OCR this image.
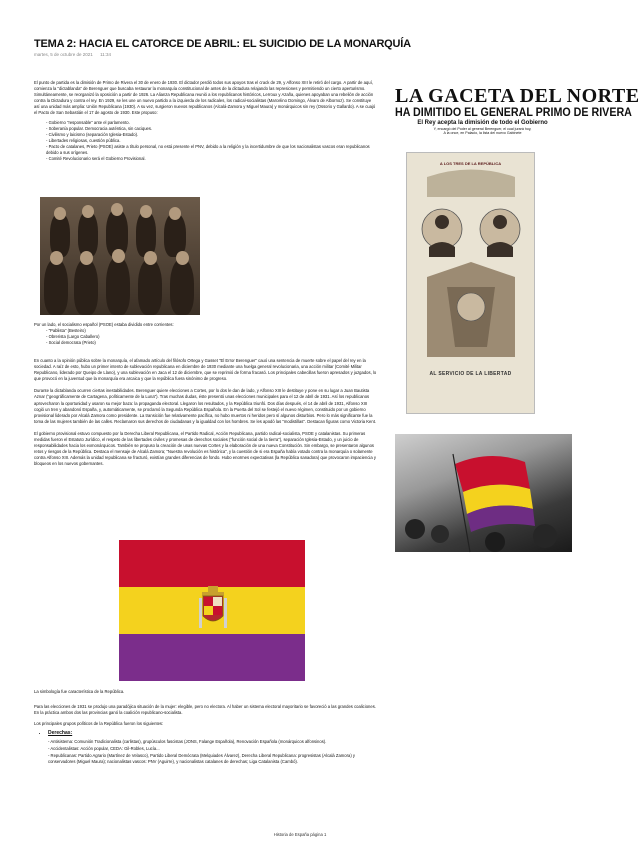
TEMA 2: HACIA EL CATORCE DE ABRIL: EL SUICIDIO DE LA MONARQUÍA
martes, 5 de octubre de 2021 11:34

El punto de partida es la dimisión de Primo de Rivera el 30 de enero de 1930. El dictador perdió todos sus apoyos tras el crack de 29, y Alfonso XIII le retiró del cargo. A partir de aquí, comienza la "dictablanda" de Berenguer que buscaba restaurar la monarquía constitucional de antes de la dictadura relajando las represiones y permitiendo un cierto aperturismo. Simultáneamente, se reorganizó la oposición a partir de 1926. La Alianza Republicana reunió a los republicanos históricos, Lerroux y Azaña, quienes apoyaban una rebelión de acción contra la Dictadura y contra el rey. En 1929, se les une un nuevo partido a la izquierda de los radicales, los radical-socialistas (Marcelino Domingo, Álvaro de Albornoz). Se constituye así una unidad más amplia: Unión Republicana (1930). A su vez, surgieron nuevos republicanos (Alcalá-Zamora y Miguel Maura) y monárquicos sin rey (Ossorio y Gallardo). A se cuajó el Pacto de San Sebastián el 17 de agosto de 1930. Este propuso:

- Gobierno "responsable" ante el parlamento.
- Soberanía popular. Democracia auténtica, sin caciques.
- Civilismo y laicismo (separación Iglesia-Estado).
- Libertades religiosas, cuestión pública.
- Pacto de catalanes, Prieto (PSOE) asiste a título personal, no está presente el PNV, debido a la religión y la incertidumbre de que los nacionalistas vascos eran republicanos debido a sus orígenes.
- Comité Revolucionario será el Gobierno Provisional.

Por un lado, el socialismo español (PSOE) estaba dividido entre corrientes:

- "Pablista" (Besteiro)
- Obrerista (Largo Caballero)
- Social democrata (Prieto)

En cuanto a la opinión pública sobre la monarquía, el afamado artículo del filósofo Ortega y Gasset "El Error Berenguer" cauó una sentencia de muerte sobre el papel del rey en la sociedad. A raíz de esto, hubo un primer intento de sublevación republicana en diciembre de 1930 mediante una huelga general revolucionaria, una acción militar (Comité Militar Republicano, liderado por Queipo de Llano), y una sublevación en Jaca el 12 de diciembre, que se reprimió de forma fracasó. Los principales cabecillas fueron apresados y juzgados, lo que provocó en la juventud que la monarquía era arcaica y que la república fuera sinónimo de progreso.

Durante la dictablanda ocurren ciertas inestabilidades. Berenguer quiere elecciones a Cortes, por lo dos le dan de lado, y Alfonso XIII le destituye y pone en su lugar a Juan Bautista Aznar ("geográficamente de Cartagena, políticamente de la Luna"). Tras muchas dudas, éste presentó unas elecciones municipales para el 12 de abril de 1931. Así los republicanos aprovecharon la oportunidad y usaron su mejor baza: la propaganda electoral. Llegaron los resultados, y la República triunfó. Dos días después, el 14 de abril de 1931, Alfonso XIII cogió un tren y abandonó España, y, automáticamente, se proclamó la Segunda República Española. En la Puerta del Sol se festejó el nuevo régimen, constituido por un gobierno provisional liderado por Alcalá Zamora como presidente. La transición fue relativamente pacífica, no hubo muertos ni heridos pero sí algunos disturbios. Pero lo más significante fue la toma de las mujeres también de las calles. Reclamaron sus derechos de ciudadanas y la igualdad con los hombres. Se les apodó las "modistillas". Destacan figuras como Victoria Kent.

El gobierno provisional estuvo compuesto por la Derecha Liberal Republicana, el Partido Radical, Acción Republicana, partido radical-socialista, PSOE y catalanistas. Su primeras medidas fueron el Estatuto Jurídico, el respeto de las libertades civiles y promesas de derechos sociales ("función social de la tierra"), separación Iglesia-Estado, y un juicio de responsabilidades hacia los exmonárquicos. También se propuso la creación de unas nuevas Cortes y la elaboración de una nueva Constitución. Sin embargo, se presentaron algunos retos y riesgos de la República. Destaca el mensaje de Alcalá Zamora; "Nuestra revolución es histórica", y la cuestión de si era España había votado contra la monarquía o solamente contra Alfonso XIII. Además la unidad republicana se fracturó, existían grandes diferencias de fondo. Hubo enormes expectativas (la República sanadora) que provocaron impaciencia y bloqueos en los nuevos gobernantes.

La simbología fue característica de la República.

Para las elecciones de 1931 se produjo una paradójica situación de la mujer: elegible, pero no electora. Al haber un sistema electoral mayoritario se favoreció a las grandes coaliciones. En la práctica ambos dos las provincias ganó la coalición republicano-socialista.

Los principales grupos políticos de la República fueron los siguientes:

• Derechas:

- Antisistema: Comunión Tradicionalista (carlistas), grupúsculos fascistas (JONS, Falange Española), Renovación Española (monárquicos alfonsinos).

- Accidentalistas: Acción popular, CEDA: Gil-Robles, Lucía...

- Republicanas: Partido Agrario (Martínez de Velasco), Partido Liberal Demócrata (Melquiades Álvarez), Derecha Liberal Republicana: progresistas (Alcalá Zamora) y conservadores (Miguel Maura); nacionalistas vascos: PNV (Aguirre), y nacionalistas catalanes de derechas; Liga Catalanista (Cambó).

LA GACETA DEL NORTE
HA DIMITIDO EL GENERAL PRIMO DE RIVERA
El Rey acepta la dimisión de todo el Gobierno
Y, encargó del Poder al general Berenguer, el cual jurará hoy,
A la once, en Palacio, la lista del nuevo Gabinete
A LOS TRES DE LA REPÚBLICA
AL SERVICIO DE LA LIBERTAD
Historia de España página 1
